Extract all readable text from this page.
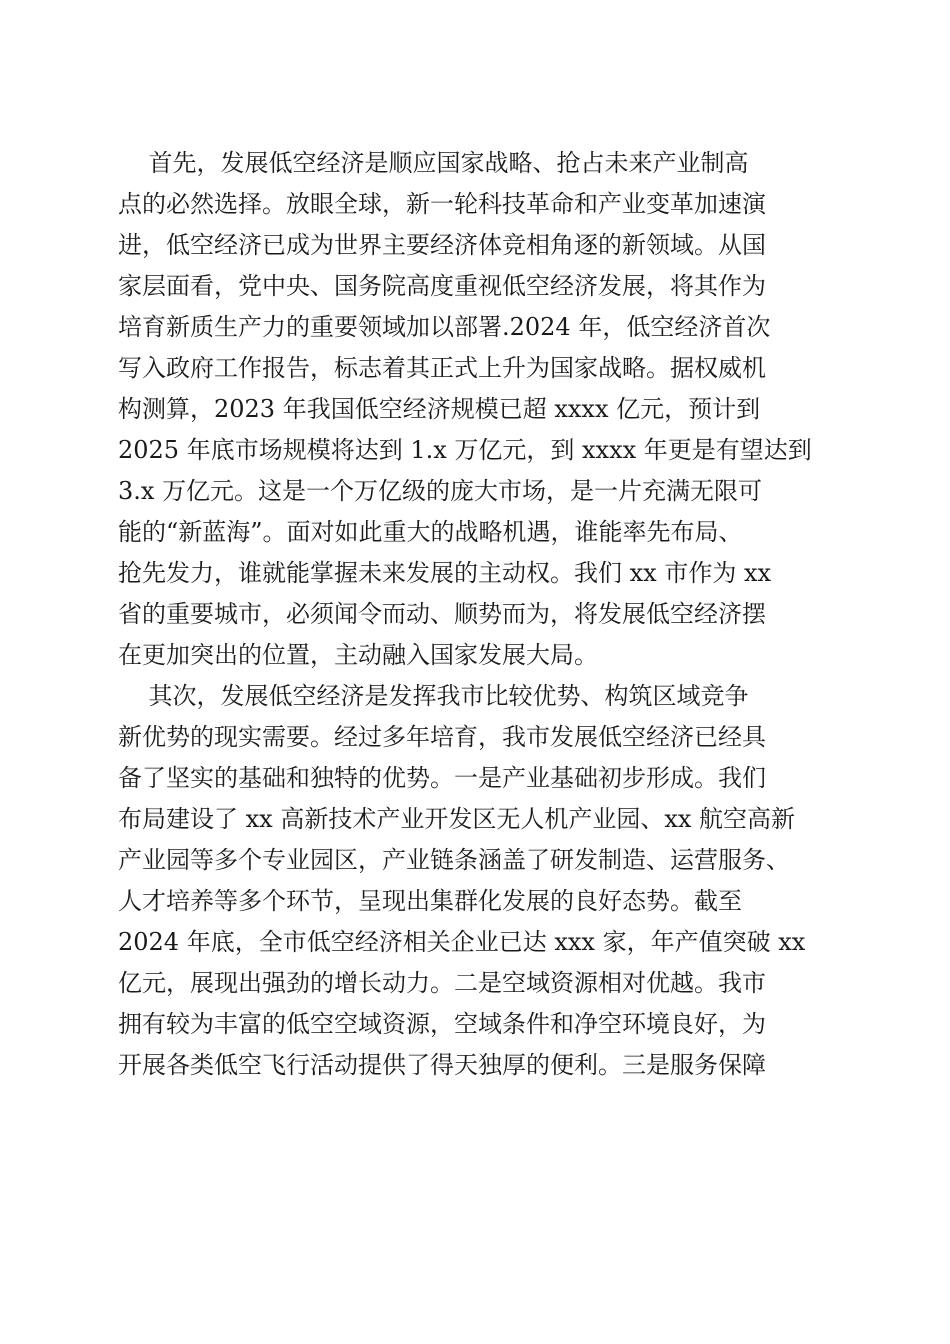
首先，发展低空经济是顺应国家战略、抢占未来产业制高
点的必然选择。放眼全球，新一轮科技革命和产业变革加速演
进，低空经济已成为世界主要经济体竞相角逐的新领域。从国
家层面看，党中央、国务院高度重视低空经济发展，将其作为
培育新质生产力的重要领域加以部署.2024 年，低空经济首次
写入政府工作报告，标志着其正式上升为国家战略。据权威机
构测算，2023 年我国低空经济规模已超 xxxx 亿元，预计到
2025 年底市场规模将达到 1.x 万亿元，到 xxxx 年更是有望达到
3.x 万亿元。这是一个万亿级的庞大市场，是一片充满无限可
能的“新蓝海”。面对如此重大的战略机遇，谁能率先布局、
抢先发力，谁就能掌握未来发展的主动权。我们 xx 市作为 xx
省的重要城市，必须闻令而动、顺势而为，将发展低空经济摆
在更加突出的位置，主动融入国家发展大局。
其次，发展低空经济是发挥我市比较优势、构筑区域竞争
新优势的现实需要。经过多年培育，我市发展低空经济已经具
备了坚实的基础和独特的优势。一是产业基础初步形成。我们
布局建设了 xx 高新技术产业开发区无人机产业园、xx 航空高新
产业园等多个专业园区，产业链条涵盖了研发制造、运营服务、
人才培养等多个环节，呈现出集群化发展的良好态势。截至
2024 年底，全市低空经济相关企业已达 xxx 家，年产值突破 xx
亿元，展现出强劲的增长动力。二是空域资源相对优越。我市
拥有较为丰富的低空空域资源，空域条件和净空环境良好，为
开展各类低空飞行活动提供了得天独厚的便利。三是服务保障
